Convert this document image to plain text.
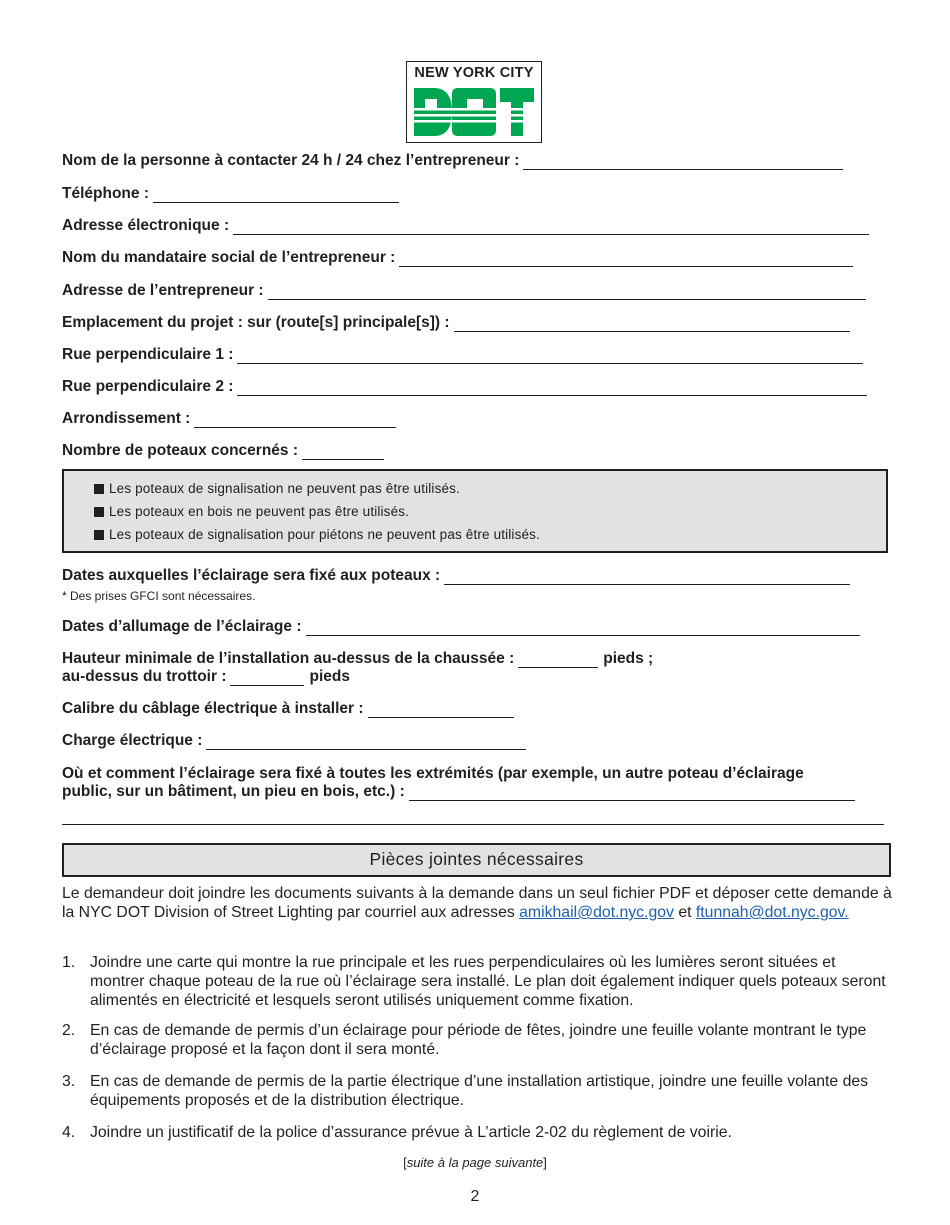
NEW YORK CITY
Nom de la personne à contacter 24 h / 24 chez l’entrepreneur :
Téléphone :
Adresse électronique :
Nom du mandataire social de l’entrepreneur :
Adresse de l’entrepreneur :
Emplacement du projet : sur (route[s] principale[s]) :
Rue perpendiculaire 1 :
Rue perpendiculaire 2 :
Arrondissement :
Nombre de poteaux concernés :
Les poteaux de signalisation ne peuvent pas être utilisés.
Les poteaux en bois ne peuvent pas être utilisés.
Les poteaux de signalisation pour piétons ne peuvent pas être utilisés.
Dates auxquelles l’éclairage sera fixé aux poteaux :
* Des prises GFCI sont nécessaires.
Dates d’allumage de l’éclairage :
Hauteur minimale de l’installation au-dessus de la chaussée :	pieds ;
au-dessus du trottoir :	pieds
Calibre du câblage électrique à installer :
Charge électrique :
Où et comment l’éclairage sera fixé à toutes les extrémités (par exemple, un autre poteau d’éclairage
public, sur un bâtiment, un pieu en bois, etc.) :
Pièces jointes nécessaires
Le demandeur doit joindre les documents suivants à la demande dans un seul fichier PDF et déposer cette demande à la NYC DOT Division of Street Lighting par courriel aux adresses amikhail@dot.nyc.gov et ftunnah@dot.nyc.gov.
1. Joindre une carte qui montre la rue principale et les rues perpendiculaires où les lumières seront situées et montrer chaque poteau de la rue où l’éclairage sera installé. Le plan doit également indiquer quels poteaux seront alimentés en électricité et lesquels seront utilisés uniquement comme fixation.
2. En cas de demande de permis d’un éclairage pour période de fêtes, joindre une feuille volante montrant le type d’éclairage proposé et la façon dont il sera monté.
3. En cas de demande de permis de la partie électrique d’une installation artistique, joindre une feuille volante des équipements proposés et de la distribution électrique.
4. Joindre un justificatif de la police d’assurance prévue à L’article 2-02 du règlement de voirie.
[suite à la page suivante]
2
